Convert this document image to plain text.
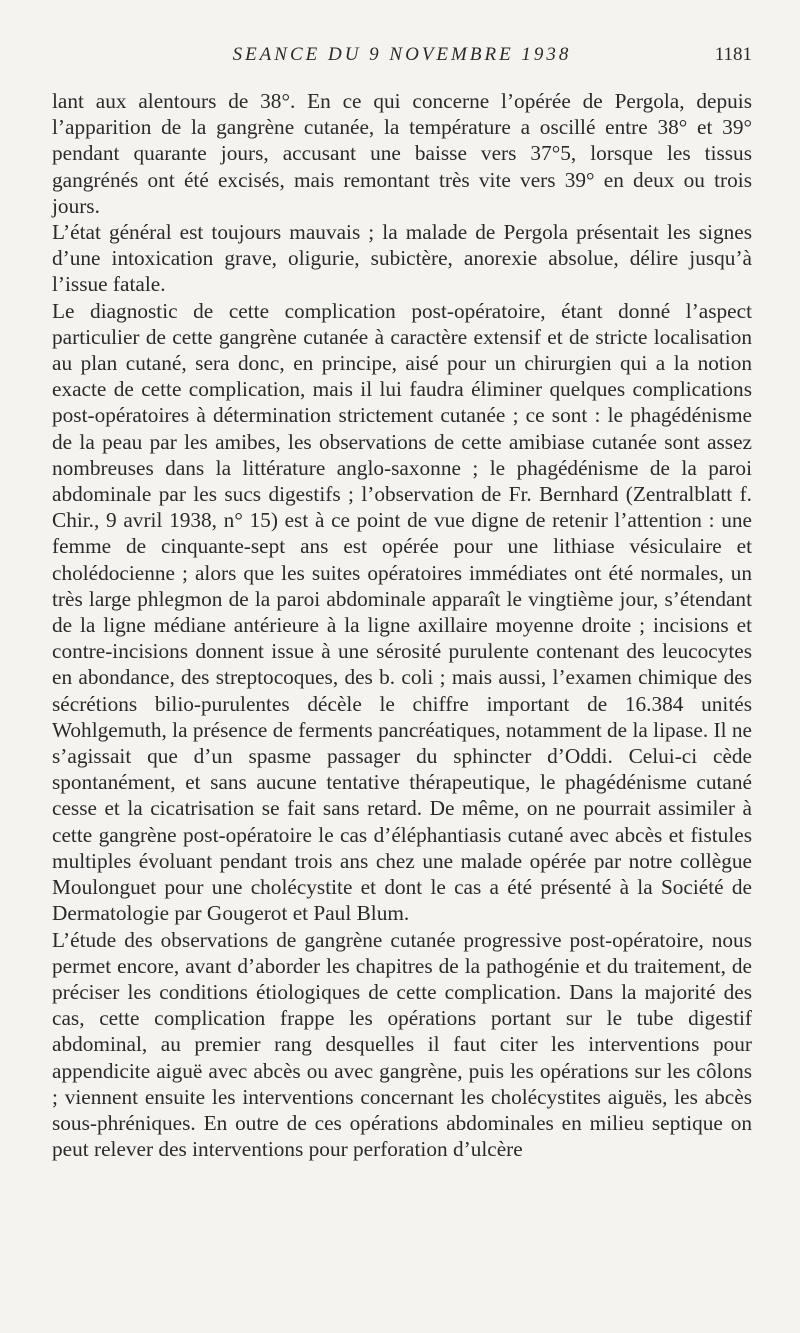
SEANCE DU 9 NOVEMBRE 1938	1181

lant aux alentours de 38°. En ce qui concerne l’opérée de Pergola, depuis l’apparition de la gangrène cutanée, la température a oscillé entre 38° et 39° pendant quarante jours, accusant une baisse vers 37°5, lorsque les tissus gangrénés ont été excisés, mais remontant très vite vers 39° en deux ou trois jours.

L’état général est toujours mauvais ; la malade de Pergola présentait les signes d’une intoxication grave, oligurie, subictère, anorexie absolue, délire jusqu’à l’issue fatale.

Le diagnostic de cette complication post-opératoire, étant donné l’aspect particulier de cette gangrène cutanée à caractère extensif et de stricte localisation au plan cutané, sera donc, en principe, aisé pour un chirurgien qui a la notion exacte de cette complication, mais il lui faudra éliminer quelques complications post-opératoires à détermination strictement cutanée ; ce sont : le phagédénisme de la peau par les amibes, les observations de cette amibiase cutanée sont assez nombreuses dans la littérature anglo-saxonne ; le phagédénisme de la paroi abdominale par les sucs digestifs ; l’observation de Fr. Bernhard (Zentralblatt f. Chir., 9 avril 1938, n° 15) est à ce point de vue digne de retenir l’attention : une femme de cinquante-sept ans est opérée pour une lithiase vésiculaire et cholédocienne ; alors que les suites opératoires immédiates ont été normales, un très large phlegmon de la paroi abdominale apparaît le vingtième jour, s’étendant de la ligne médiane antérieure à la ligne axillaire moyenne droite ; incisions et contre-incisions donnent issue à une sérosité purulente contenant des leucocytes en abondance, des streptocoques, des b. coli ; mais aussi, l’examen chimique des sécrétions bilio-purulentes décèle le chiffre important de 16.384 unités Wohlgemuth, la présence de ferments pancréatiques, notamment de la lipase. Il ne s’agissait que d’un spasme passager du sphincter d’Oddi. Celui-ci cède spontanément, et sans aucune tentative thérapeutique, le phagédénisme cutané cesse et la cicatrisation se fait sans retard. De même, on ne pourrait assimiler à cette gangrène post-opératoire le cas d’éléphantiasis cutané avec abcès et fistules multiples évoluant pendant trois ans chez une malade opérée par notre collègue Moulonguet pour une cholécystite et dont le cas a été présenté à la Société de Dermatologie par Gougerot et Paul Blum.

L’étude des observations de gangrène cutanée progressive post-opératoire, nous permet encore, avant d’aborder les chapitres de la pathogénie et du traitement, de préciser les conditions étiologiques de cette complication. Dans la majorité des cas, cette complication frappe les opérations portant sur le tube digestif abdominal, au premier rang desquelles il faut citer les interventions pour appendicite aiguë avec abcès ou avec gangrène, puis les opérations sur les côlons ; viennent ensuite les interventions concernant les cholécystites aiguës, les abcès sous-phréniques. En outre de ces opérations abdominales en milieu septique on peut relever des interventions pour perforation d’ulcère
